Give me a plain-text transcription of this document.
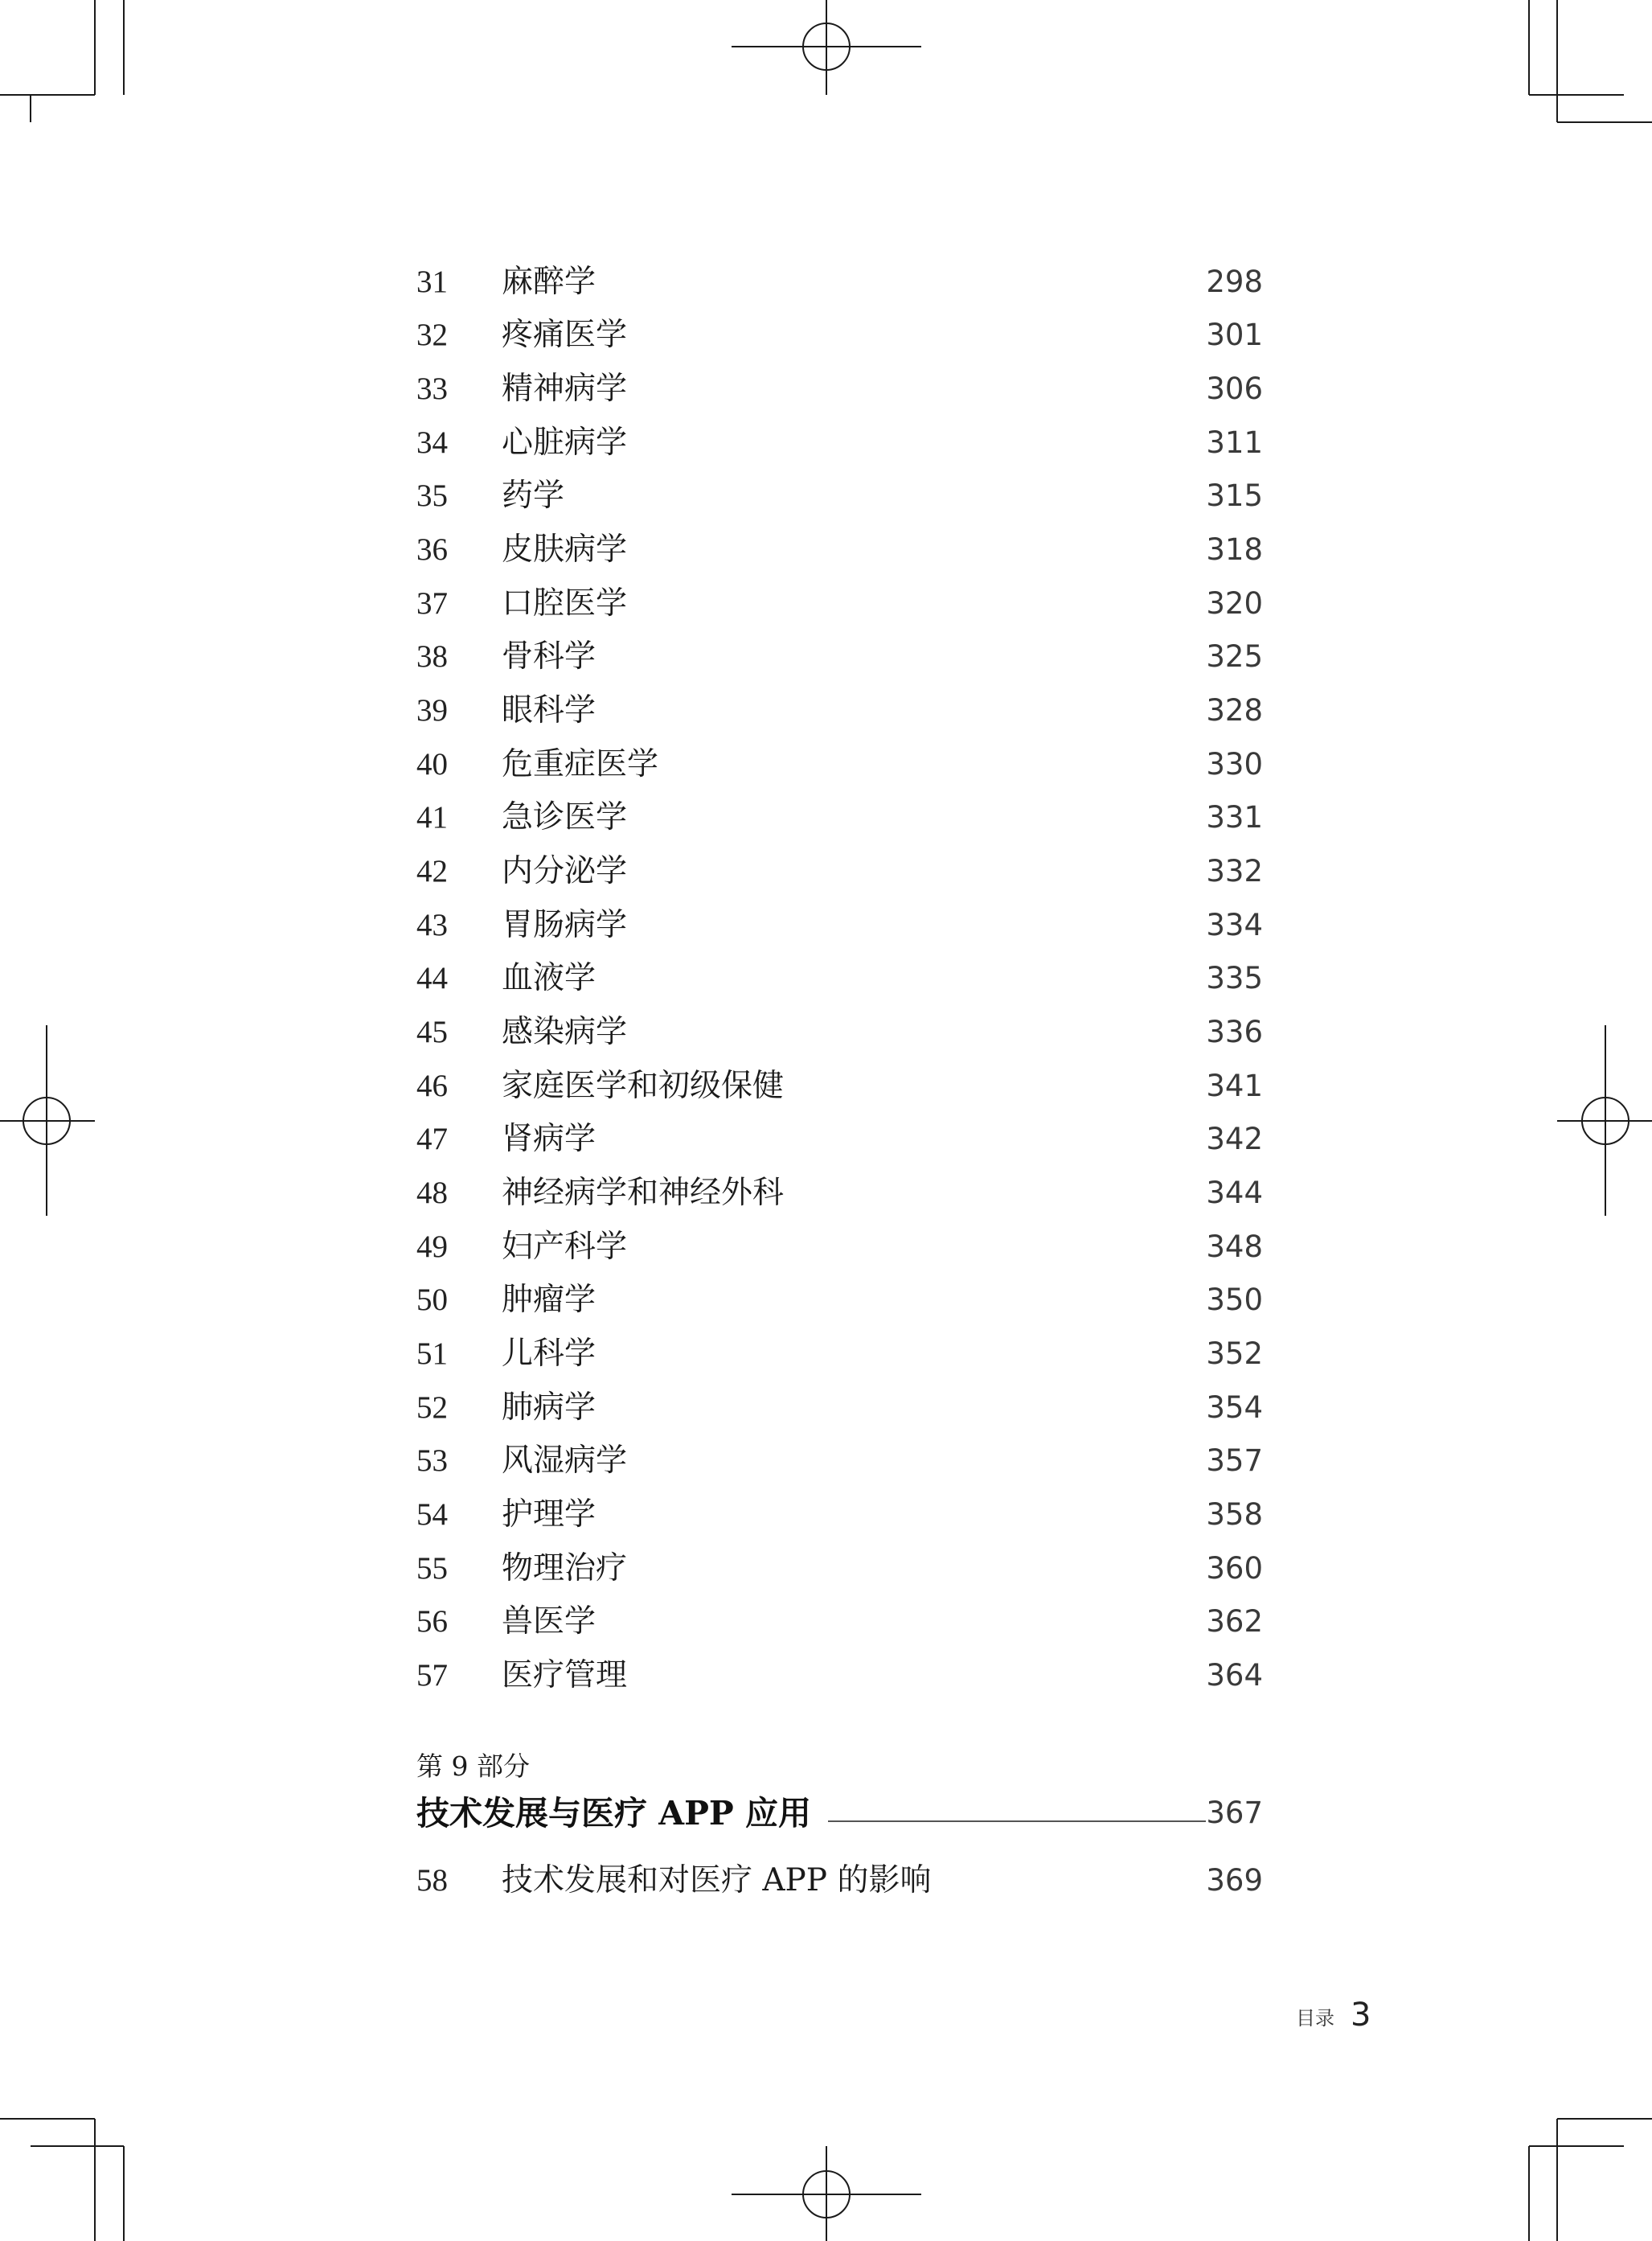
31 麻醉学	298
32 疼痛医学	301
33 精神病学	306
34 心脏病学	311
35 药学	315
36 皮肤病学	318
37 口腔医学	320
38 骨科学	325
39 眼科学	328
40 危重症医学	330
41 急诊医学	331
42 内分泌学	332
43 胃肠病学	334
44 血液学	335
45 感染病学	336
46 家庭医学和初级保健	341
47 肾病学	342
48 神经病学和神经外科	344
49 妇产科学	348
50 肿瘤学	350
51 儿科学	352
52 肺病学	354
53 风湿病学	357
54 护理学	358
55 物理治疗	360
56 兽医学	362
57 医疗管理	364
第 9 部分
技术发展与医疗 APP 应用	367
58 技术发展和对医疗 APP 的影响	369
目录 3
